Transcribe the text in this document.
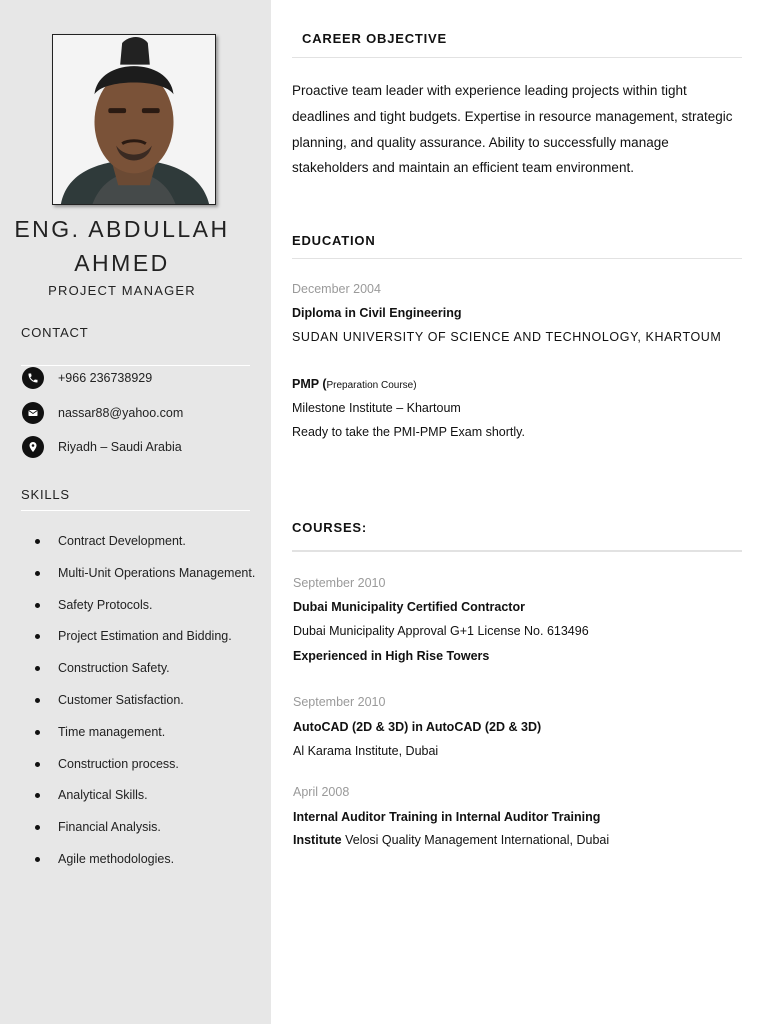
ENG. ABDULLAH
AHMED
PROJECT MANAGER
CONTACT
+966 236738929
nassar88@yahoo.com
Riyadh – Saudi Arabia
SKILLS
Contract Development.
Multi-Unit Operations Management.
Safety Protocols.
Project Estimation and Bidding.
Construction Safety.
Customer Satisfaction.
Time management.
Construction process.
Analytical Skills.
Financial Analysis.
Agile methodologies.
CAREER OBJECTIVE
Proactive team leader with experience leading projects within tight deadlines and tight budgets. Expertise in resource management, strategic planning, and quality assurance. Ability to successfully manage stakeholders and maintain an efficient team environment.
EDUCATION
December 2004
Diploma in Civil Engineering
SUDAN UNIVERSITY OF SCIENCE AND TECHNOLOGY, KHARTOUM
PMP (Preparation Course)
Milestone Institute – Khartoum
Ready to take the PMI-PMP Exam shortly.
COURSES:
September 2010
Dubai Municipality Certified Contractor
Dubai Municipality Approval G+1 License No. 613496
Experienced in High Rise Towers
September 2010
AutoCAD (2D & 3D) in AutoCAD (2D & 3D)
Al Karama Institute, Dubai
April 2008
Internal Auditor Training in Internal Auditor Training
Institute Velosi Quality Management International, Dubai
